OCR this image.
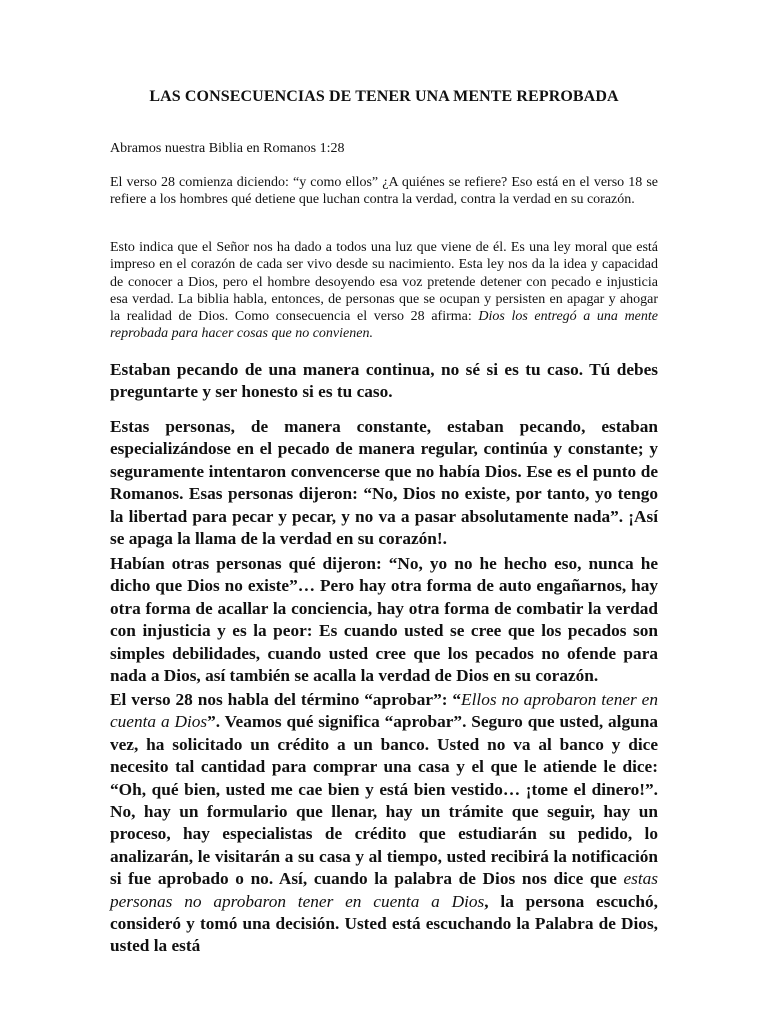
LAS CONSECUENCIAS DE TENER UNA MENTE REPROBADA

Abramos nuestra Biblia en Romanos 1:28

El verso 28 comienza diciendo: “y como ellos” ¿A quiénes se refiere? Eso está en el verso 18 se refiere a los hombres qué detiene que luchan contra la verdad, contra la verdad en su corazón.

Esto indica que el Señor nos ha dado a todos una luz que viene de él. Es una ley moral que está impreso en el corazón de cada ser vivo desde su nacimiento. Esta ley nos da la idea y capacidad de conocer a Dios, pero el hombre desoyendo esa voz pretende detener con pecado e injusticia esa verdad. La biblia habla, entonces, de personas que se ocupan y persisten en apagar y ahogar la realidad de Dios. Como consecuencia el verso 28 afirma: Dios los entregó a una mente reprobada para hacer cosas que no convienen.

Estaban pecando de una manera continua, no sé si es tu caso. Tú debes preguntarte y ser honesto si es tu caso.

Estas personas, de manera constante, estaban pecando, estaban especializándose en el pecado de manera regular, continúa y constante; y seguramente intentaron convencerse que no había Dios. Ese es el punto de Romanos. Esas personas dijeron: “No, Dios no existe, por tanto, yo tengo la libertad para pecar y pecar, y no va a pasar absolutamente nada”. ¡Así se apaga la llama de la verdad en su corazón!.

Habían otras personas qué dijeron: “No, yo no he hecho eso, nunca he dicho que Dios no existe”… Pero hay otra forma de auto engañarnos, hay otra forma de acallar la conciencia, hay otra forma de combatir la verdad con injusticia y es la peor: Es cuando usted se cree que los pecados son simples debilidades, cuando usted cree que los pecados no ofende para nada a Dios, así también se acalla la verdad de Dios en su corazón.

El verso 28 nos habla del término “aprobar”: “Ellos no aprobaron tener en cuenta a Dios”. Veamos qué significa “aprobar”. Seguro que usted, alguna vez, ha solicitado un crédito a un banco. Usted no va al banco y dice necesito tal cantidad para comprar una casa y el que le atiende le dice: “Oh, qué bien, usted me cae bien y está bien vestido… ¡tome el dinero!”. No, hay un formulario que llenar, hay un trámite que seguir, hay un proceso, hay especialistas de crédito que estudiarán su pedido, lo analizarán, le visitarán a su casa y al tiempo, usted recibirá la notificación si fue aprobado o no. Así, cuando la palabra de Dios nos dice que estas personas no aprobaron tener en cuenta a Dios, la persona escuchó, consideró y tomó una decisión. Usted está escuchando la Palabra de Dios, usted la está
